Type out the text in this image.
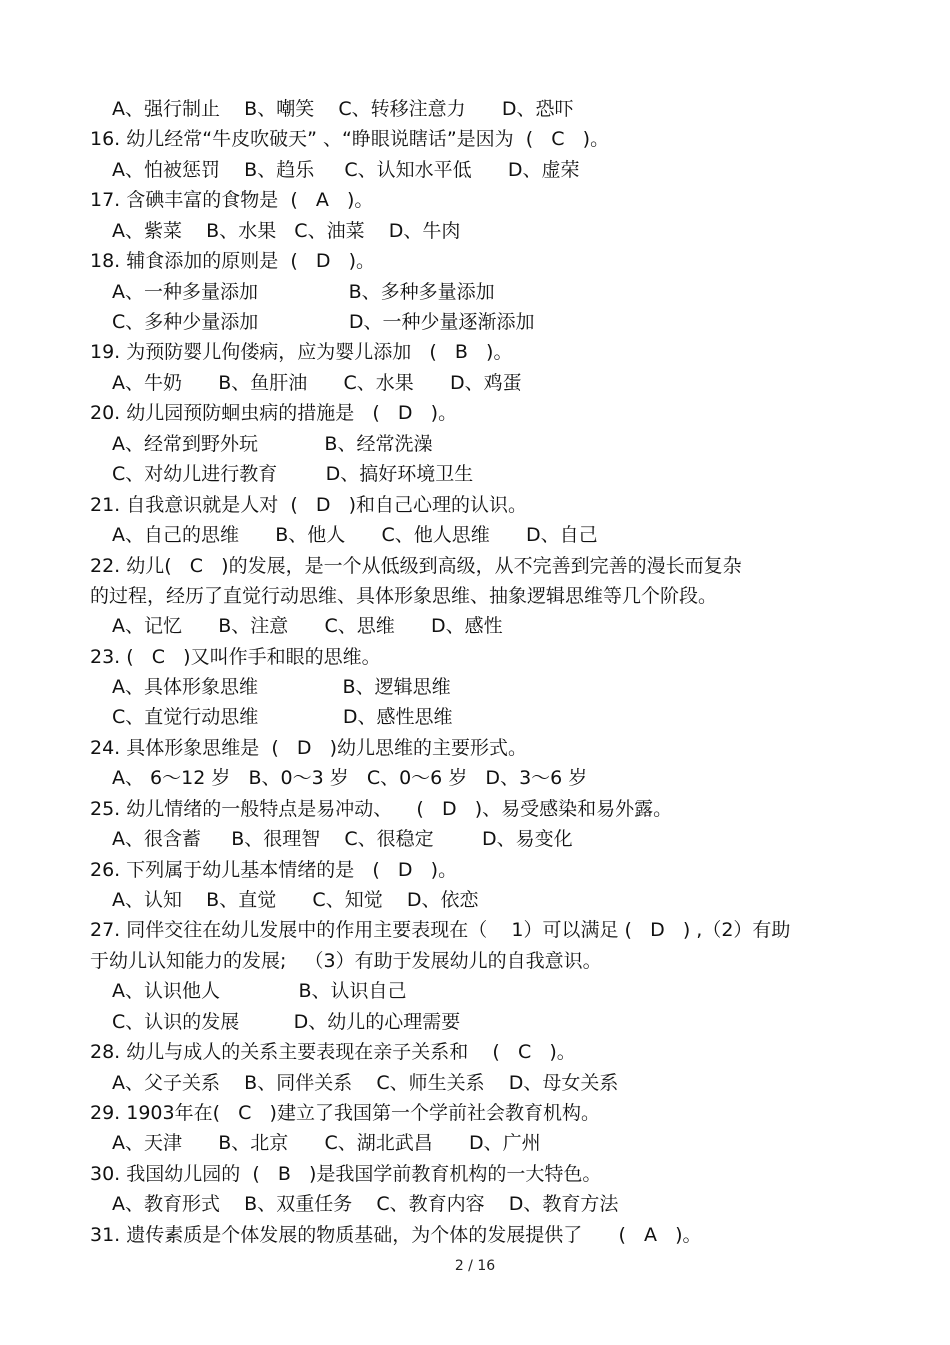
A、强行制止    B、嘲笑    C、转移注意力      D、恐吓
16. 幼儿经常“牛皮吹破天” 、“睁眼说瞎话”是因为  (   C   )。
A、怕被惩罚    B、趋乐     C、认知水平低      D、虚荣
17. 含碘丰富的食物是  (   A   )。
A、紫菜    B、水果   C、油菜    D、牛肉
18. 辅食添加的原则是  (   D   )。
A、一种多量添加               B、多种多量添加
C、多种少量添加               D、一种少量逐渐添加
19. 为预防婴儿佝偻病，应为婴儿添加   (   B   )。
A、牛奶      B、鱼肝油      C、水果      D、鸡蛋
20. 幼儿园预防蛔虫病的措施是   (   D   )。
A、经常到野外玩           B、经常洗澡
C、对幼儿进行教育        D、搞好环境卫生
21. 自我意识就是人对  (   D   )和自己心理的认识。
A、自己的思维      B、他人      C、他人思维      D、自己
22. 幼儿(   C   )的发展，是一个从低级到高级，从不完善到完善的漫长而复杂
的过程，经历了直觉行动思维、具体形象思维、抽象逻辑思维等几个阶段。
A、记忆      B、注意      C、思维      D、感性
23. (   C   )又叫作手和眼的思维。
A、具体形象思维              B、逻辑思维
C、直觉行动思维              D、感性思维
24. 具体形象思维是  (   D   )幼儿思维的主要形式。
A、 6～12 岁   B、0～3 岁   C、0～6 岁   D、3～6 岁
25. 幼儿情绪的一般特点是易冲动、    (   D   )、易受感染和易外露。
A、很含蓄     B、很理智    C、很稳定        D、易变化
26. 下列属于幼儿基本情绪的是   (   D   )。
A、认知    B、直觉      C、知觉    D、依恋
27. 同伴交往在幼儿发展中的作用主要表现在（    1）可以满足 (   D   ) ,（2）有助
于幼儿认知能力的发展;   （3）有助于发展幼儿的自我意识。
A、认识他人             B、认识自己
C、认识的发展         D、幼儿的心理需要
28. 幼儿与成人的关系主要表现在亲子关系和    (   C   )。
A、父子关系    B、同伴关系    C、师生关系    D、母女关系
29. 1903年在(   C   )建立了我国第一个学前社会教育机构。
A、天津      B、北京      C、湖北武昌      D、广州
30. 我国幼儿园的  (   B   )是我国学前教育机构的一大特色。
A、教育形式    B、双重任务    C、教育内容    D、教育方法
31. 遗传素质是个体发展的物质基础，为个体的发展提供了      (   A   )。
2 / 16
